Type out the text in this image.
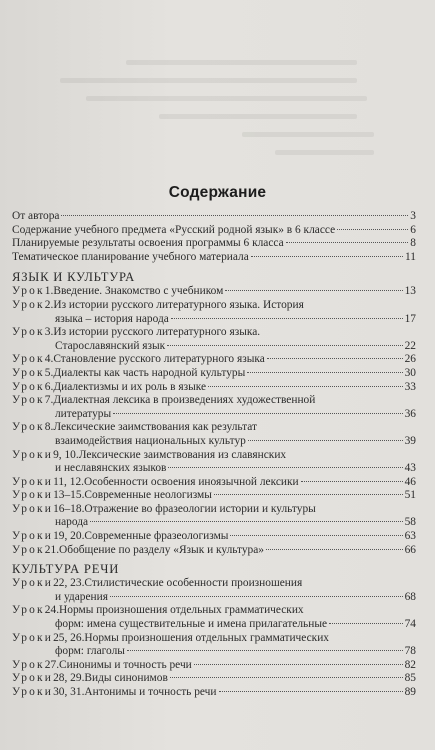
Содержание
От автора	3
Содержание учебного предмета «Русский родной язык» в 6 классе	6
Планируемые результаты освоения программы 6 класса	8
Тематическое планирование учебного материала	11
ЯЗЫК И КУЛЬТУРА
Урок 1. Введение. Знакомство с учебником	13
Урок 2. Из истории русского литературного языка. История
языка – история народа	17
Урок 3. Из истории русского литературного языка.
Старославянский язык	22
Урок 4. Становление русского литературного языка	26
Урок 5. Диалекты как часть народной культуры	30
Урок 6. Диалектизмы и их роль в языке	33
Урок 7. Диалектная лексика в произведениях художественной
литературы	36
Урок 8. Лексические заимствования как результат
взаимодействия национальных культур	39
Уроки 9, 10. Лексические заимствования из славянских
и неславянских языков	43
Уроки 11, 12. Особенности освоения иноязычной лексики	46
Уроки 13–15. Современные неологизмы	51
Уроки 16–18. Отражение во фразеологии истории и культуры
народа	58
Уроки 19, 20. Современные фразеологизмы	63
Урок 21. Обобщение по разделу «Язык и культура»	66
КУЛЬТУРА РЕЧИ
Уроки 22, 23. Стилистические особенности произношения
и ударения	68
Урок 24. Нормы произношения отдельных грамматических
форм: имена существительные и имена прилагательные	74
Уроки 25, 26. Нормы произношения отдельных грамматических
форм: глаголы	78
Урок 27. Синонимы и точность речи	82
Уроки 28, 29. Виды синонимов	85
Уроки 30, 31. Антонимы и точность речи	89
